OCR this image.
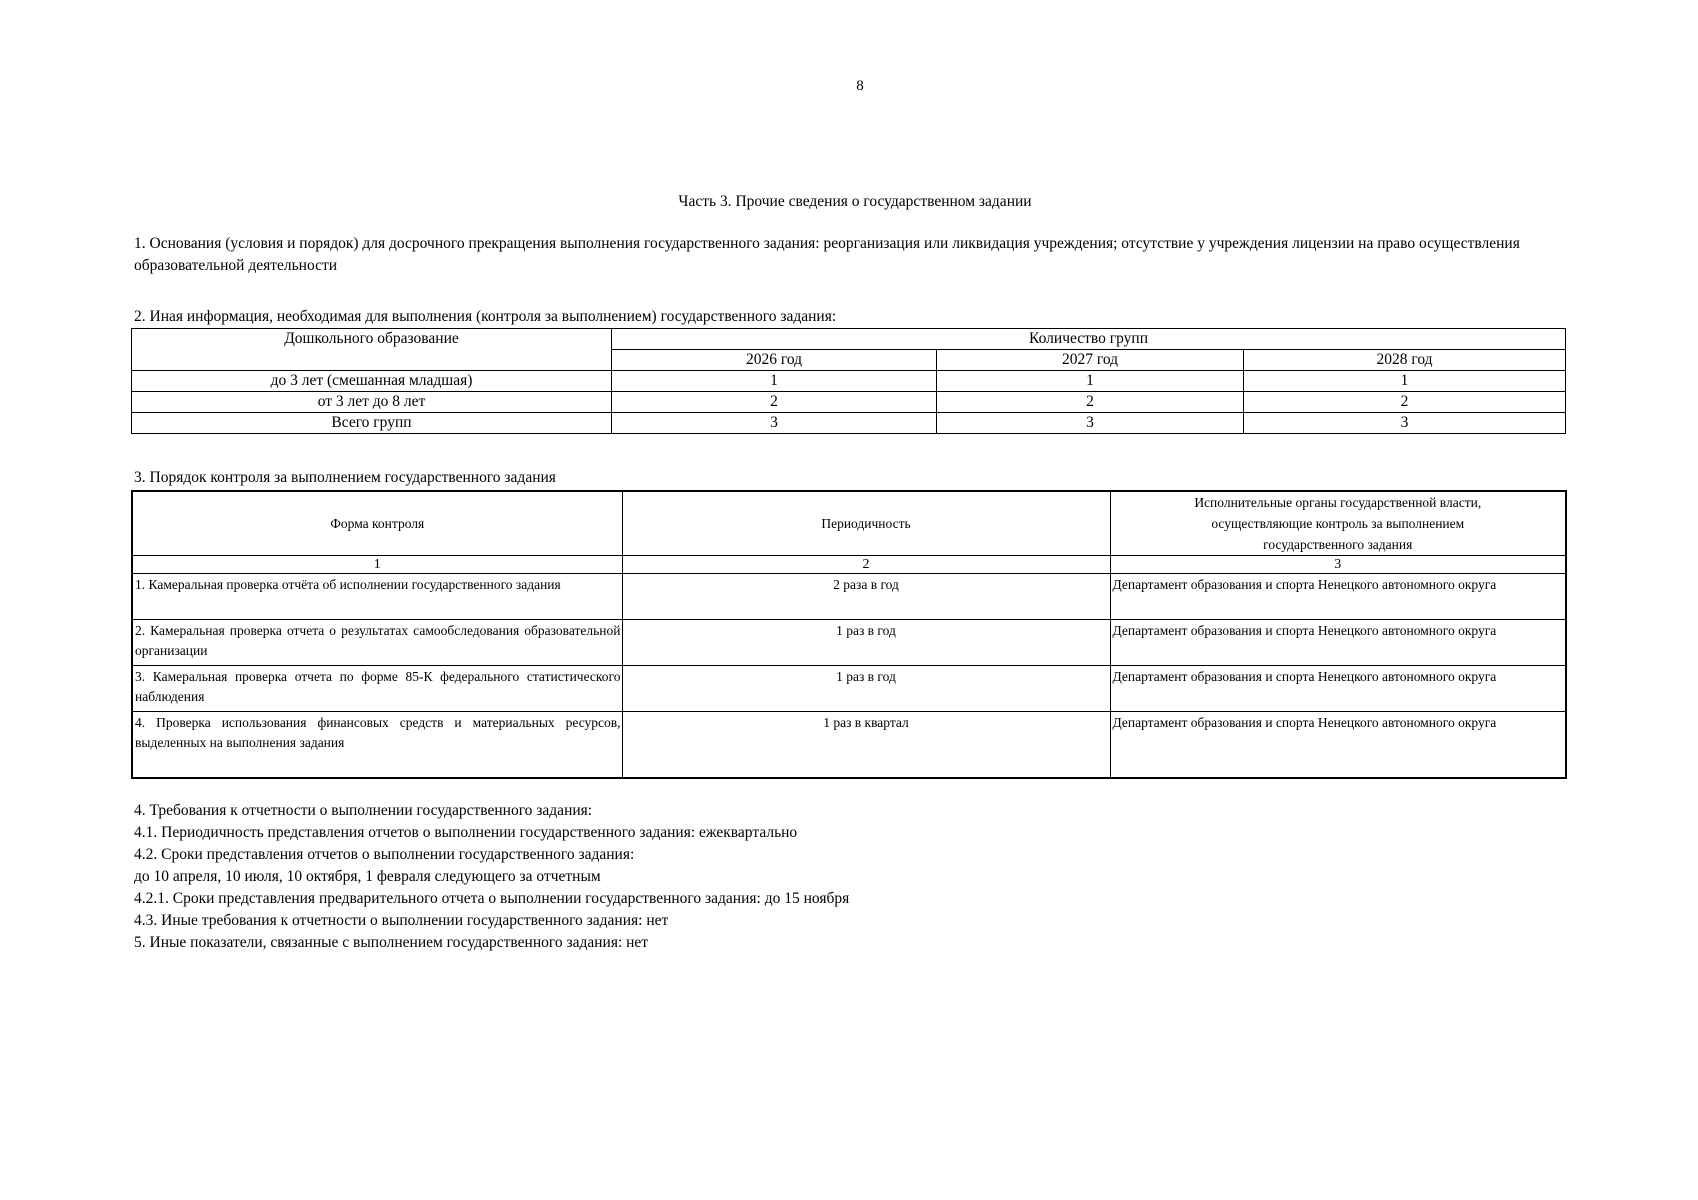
8
Часть 3. Прочие сведения о государственном задании
1. Основания (условия и порядок) для досрочного прекращения выполнения государственного задания: реорганизация или ликвидация учреждения; отсутствие у учреждения лицензии на право осуществления образовательной деятельности
2. Иная информация, необходимая для выполнения (контроля за выполнением) государственного задания:
Дошкольного образование	Количество групп		
	2026 год	2027 год	2028 год
до 3 лет (смешанная младшая)	1	1	1
от 3 лет до 8 лет	2	2	2
Всего групп	3	3	3
3. Порядок контроля за выполнением государственного задания
Форма контроля	Периодичность	Исполнительные органы государственной власти, осуществляющие контроль за выполнением государственного задания
1	2	3
1. Камеральная проверка отчёта об исполнении государственного задания	2 раза в год	Департамент образования и спорта Ненецкого автономного округа
2. Камеральная проверка отчета о результатах самообследования образовательной организации	1 раз в год	Департамент образования и спорта Ненецкого автономного округа
3. Камеральная проверка отчета по форме 85-К федерального статистического наблюдения	1 раз в год	Департамент образования и спорта Ненецкого автономного округа
4. Проверка использования финансовых средств и материальных ресурсов, выделенных на выполнения задания	1 раз в квартал	Департамент образования и спорта Ненецкого автономного округа
4. Требования к отчетности о выполнении государственного задания:
4.1. Периодичность представления отчетов о выполнении государственного задания: ежеквартально
4.2. Сроки представления отчетов о выполнении государственного задания:
до 10 апреля, 10 июля, 10 октября, 1 февраля следующего за отчетным
4.2.1. Сроки представления предварительного отчета о выполнении государственного задания: до 15 ноября
4.3. Иные требования к отчетности о выполнении государственного задания: нет
5. Иные показатели, связанные с выполнением государственного задания: нет
